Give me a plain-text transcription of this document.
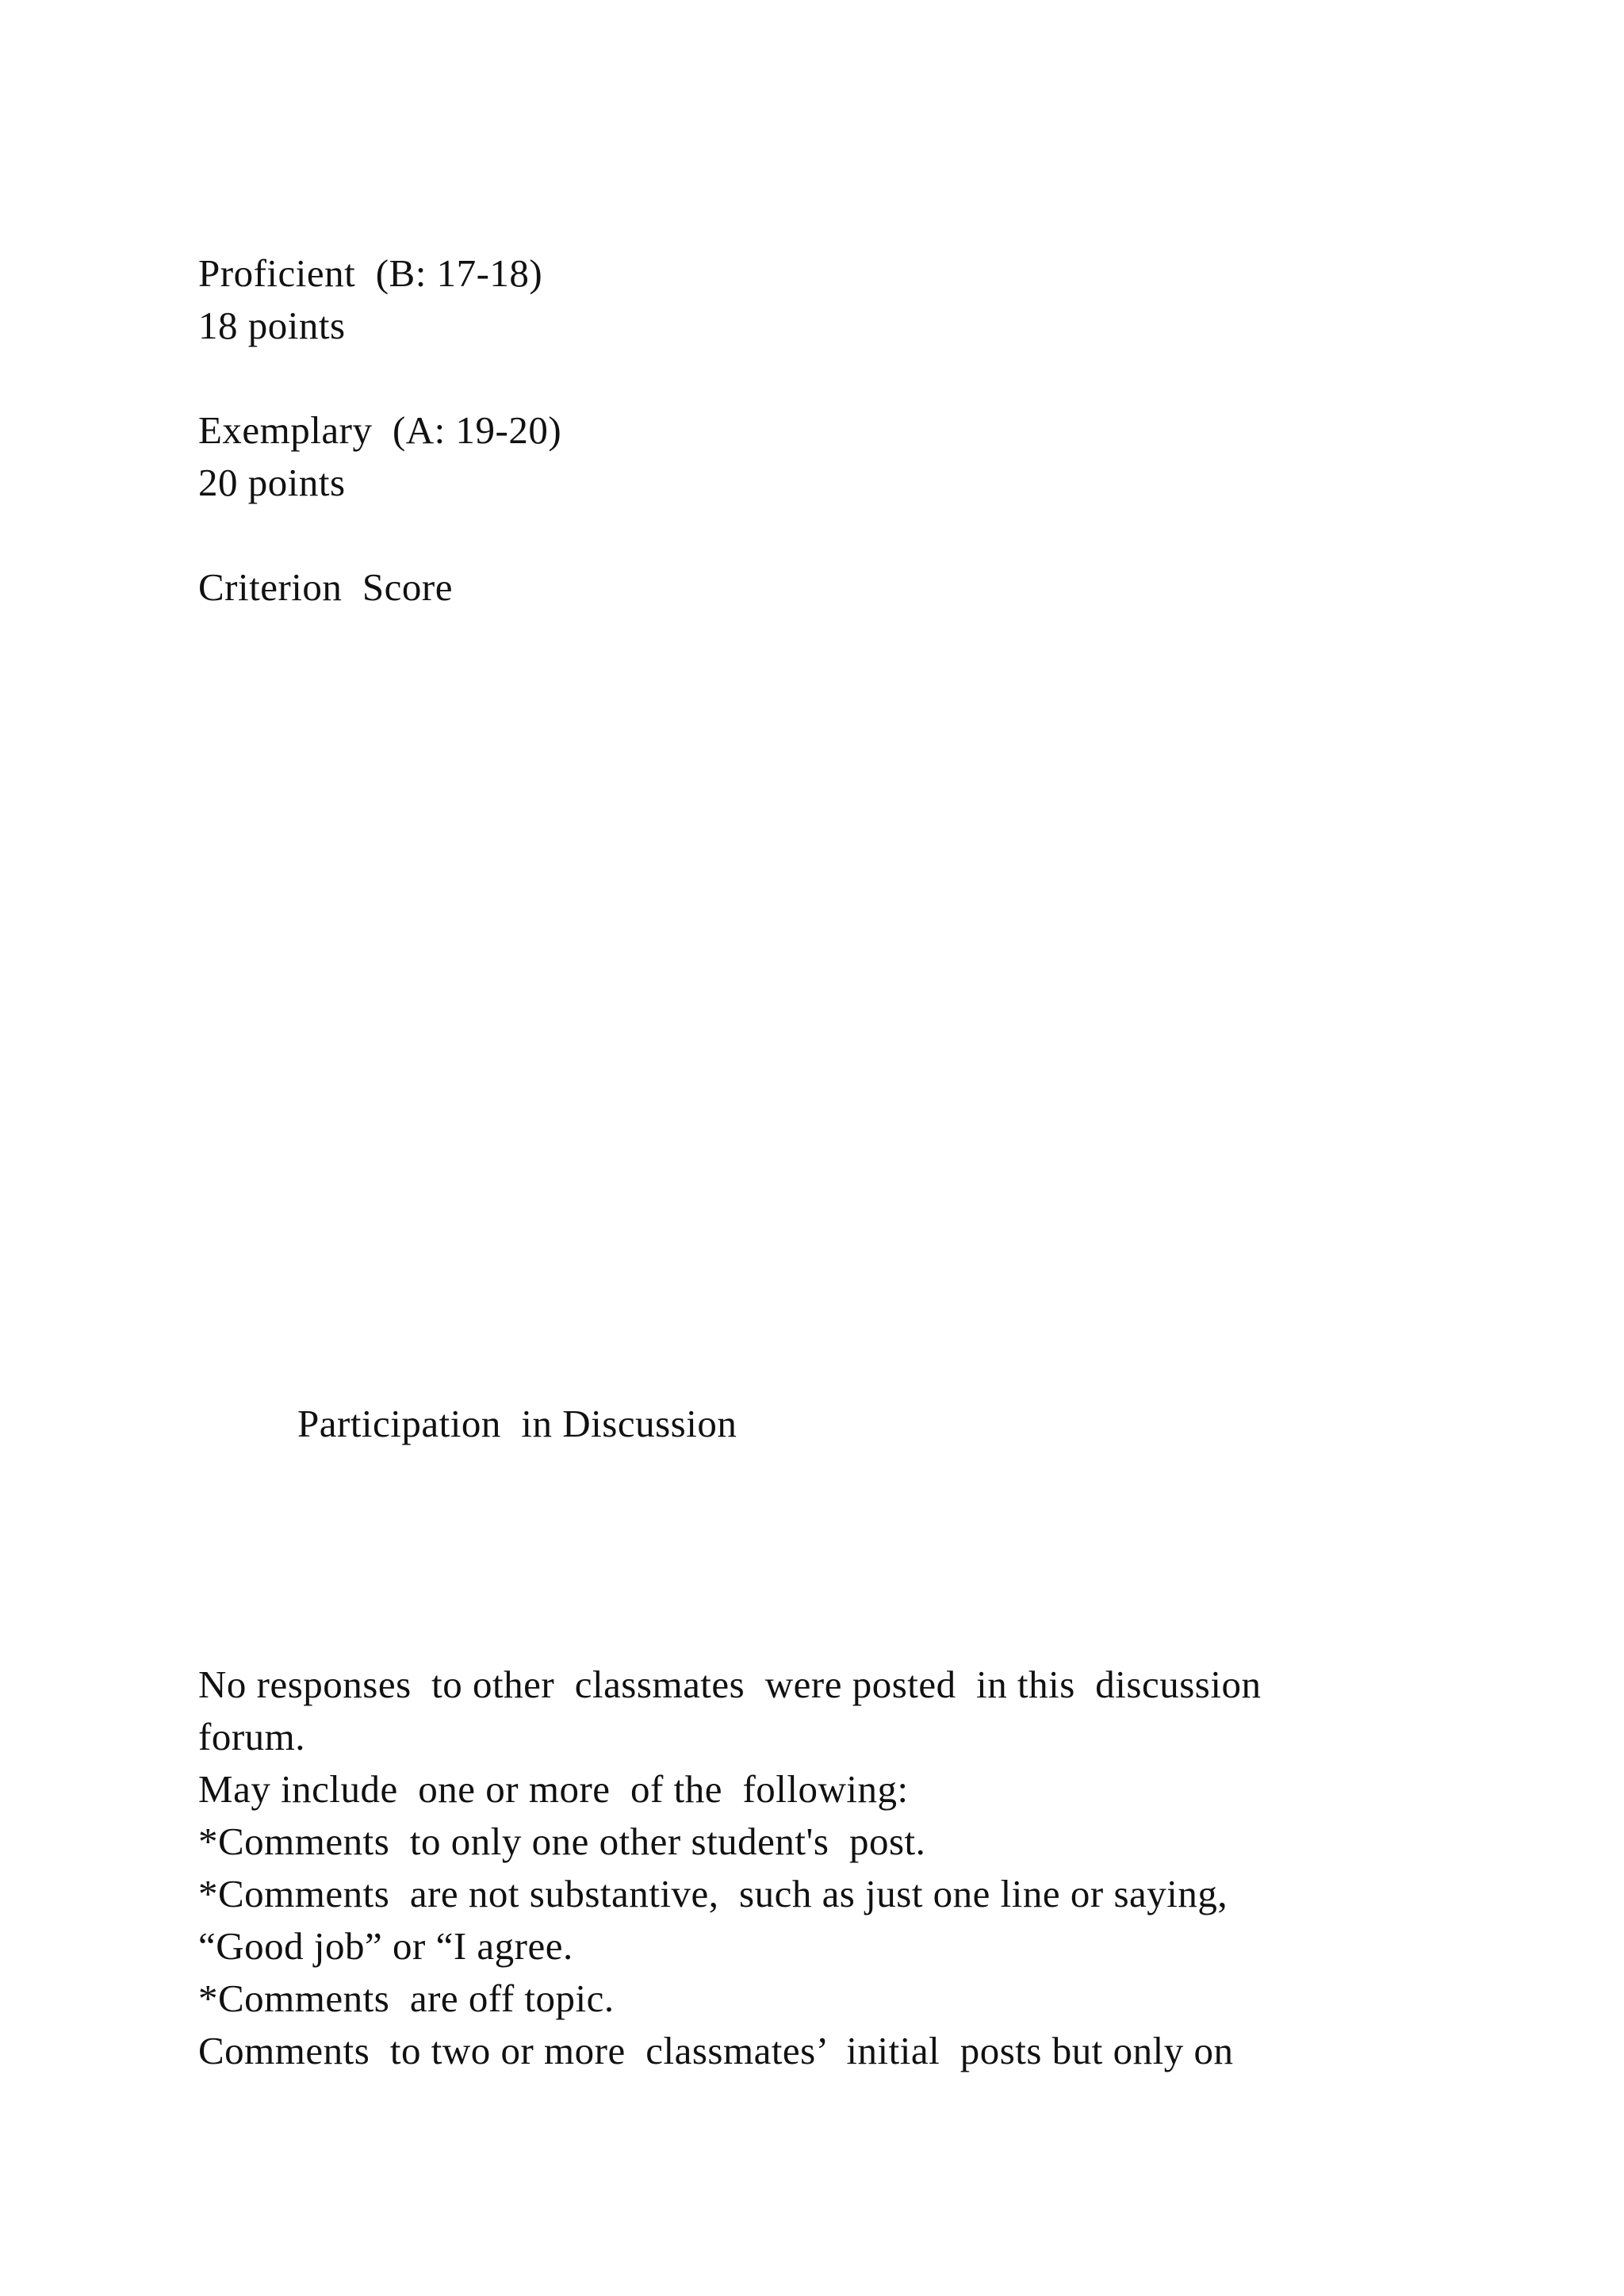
Proficient  (B: 17-18)

18 points

Exemplary  (A: 19-20)

20 points

Criterion  Score

Participation  in Discussion

No responses  to other  classmates  were posted  in this  discussion

forum.

May include  one or more  of the  following:

*Comments  to only one other student's  post.

*Comments  are not substantive,  such as just one line or saying,

“Good job” or “I agree.

*Comments  are off topic.

Comments  to two or more  classmates’  initial  posts but only on
